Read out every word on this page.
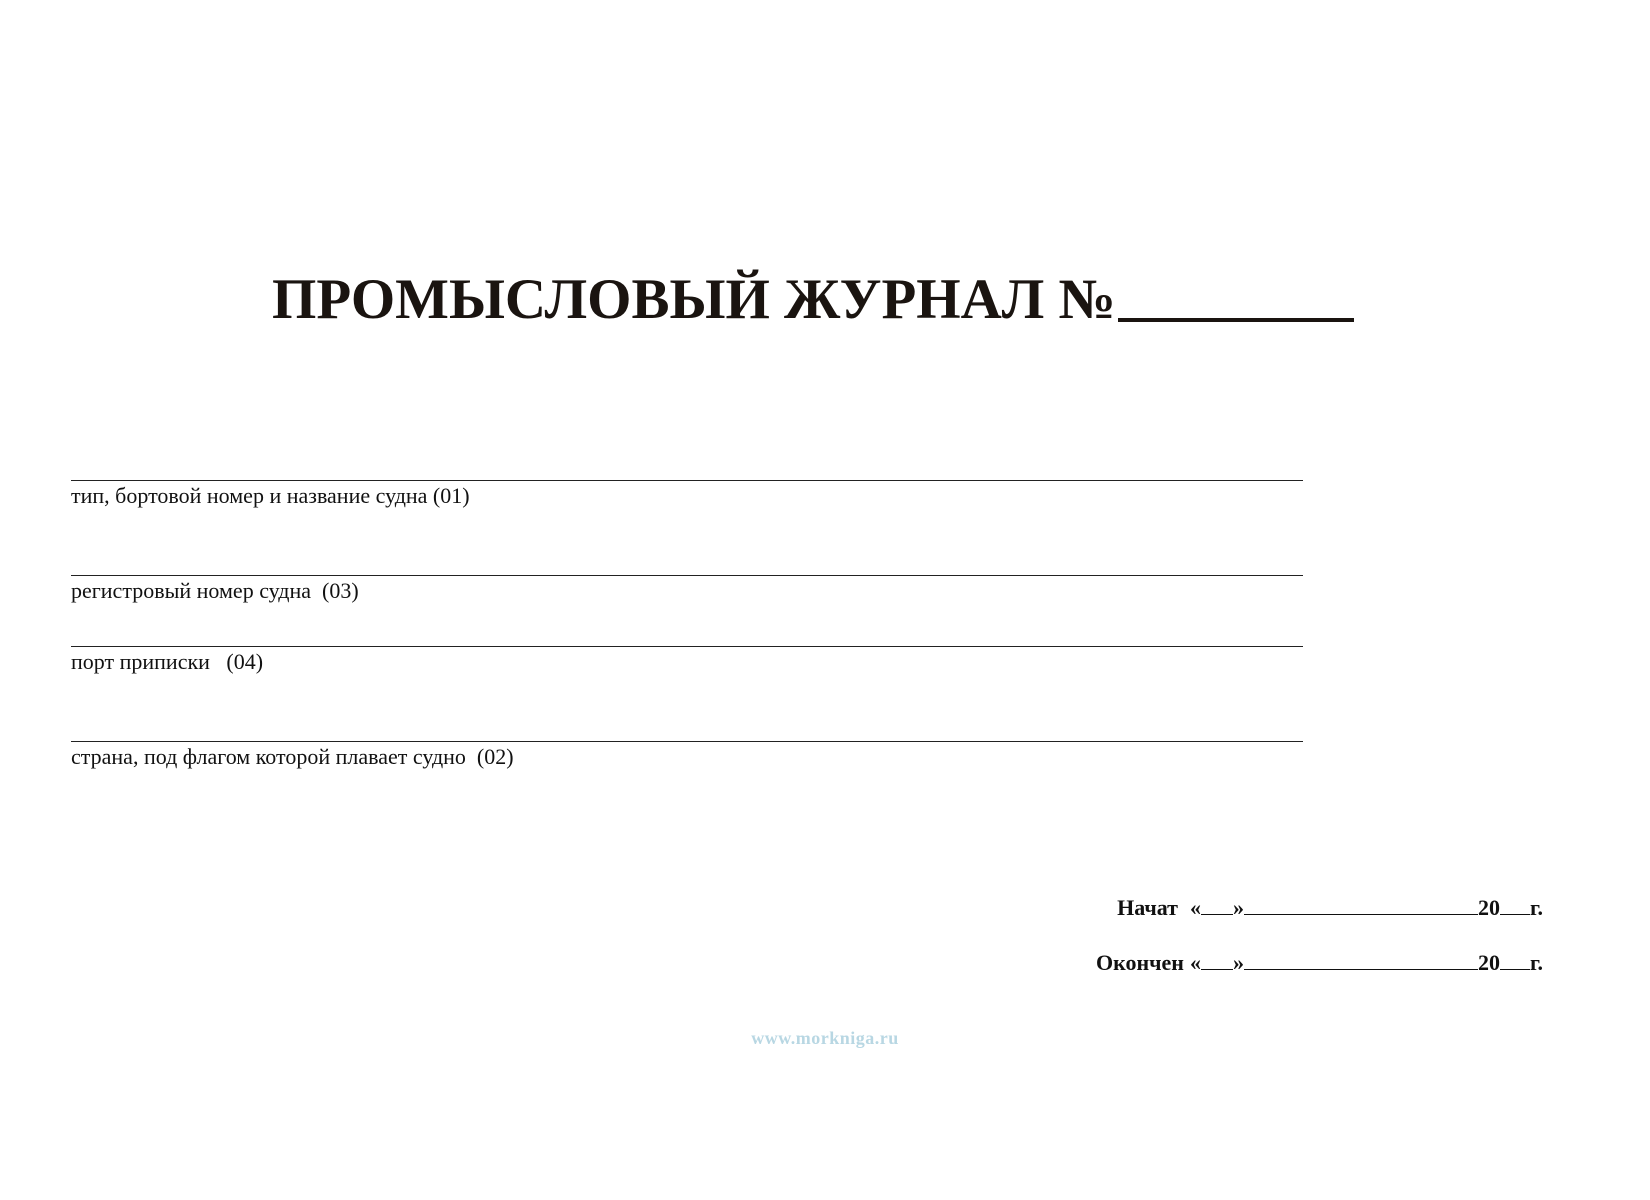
ПРОМЫСЛОВЫЙ ЖУРНАЛ №
тип, бортовой номер и название судна (01)
регистровый номер судна  (03)
порт приписки   (04)
страна, под флагом которой плавает судно  (02)
Начат « »	20 г.
Окончен « »	20 г.
www.morkniga.ru
